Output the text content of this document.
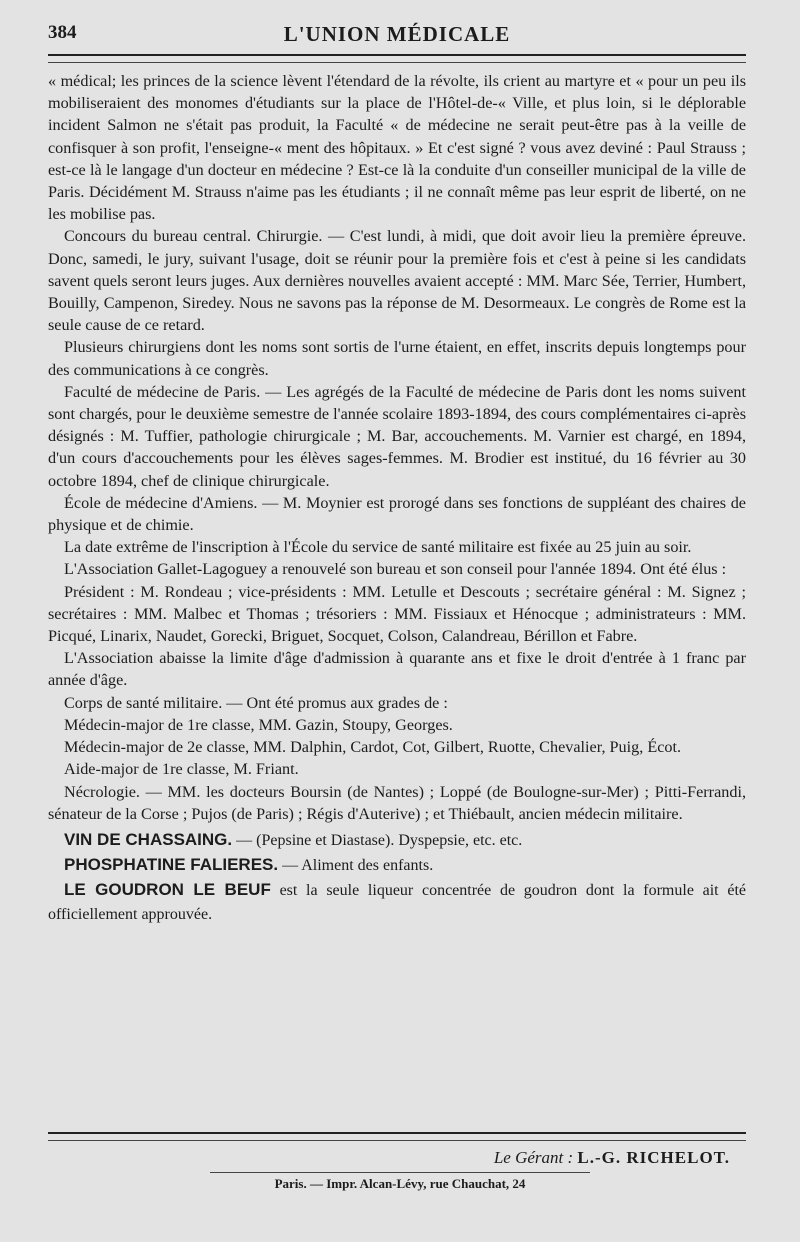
384	L'UNION MÉDICALE

« médical; les princes de la science lèvent l'étendard de la révolte, ils crient au martyre et « pour un peu ils mobiliseraient des monomes d'étudiants sur la place de l'Hôtel-de-« Ville, et plus loin, si le déplorable incident Salmon ne s'était pas produit, la Faculté « de médecine ne serait peut-être pas à la veille de confisquer à son profit, l'enseigne-« ment des hôpitaux. » Et c'est signé ? vous avez deviné : Paul Strauss ; est-ce là le langage d'un docteur en médecine ? Est-ce là la conduite d'un conseiller municipal de la ville de Paris. Décidément M. Strauss n'aime pas les étudiants ; il ne connaît même pas leur esprit de liberté, on ne les mobilise pas.

Concours du bureau central. Chirurgie. — C'est lundi, à midi, que doit avoir lieu la première épreuve. Donc, samedi, le jury, suivant l'usage, doit se réunir pour la première fois et c'est à peine si les candidats savent quels seront leurs juges. Aux dernières nouvelles avaient accepté : MM. Marc Sée, Terrier, Humbert, Bouilly, Campenon, Siredey. Nous ne savons pas la réponse de M. Desormeaux. Le congrès de Rome est la seule cause de ce retard.

Plusieurs chirurgiens dont les noms sont sortis de l'urne étaient, en effet, inscrits depuis longtemps pour des communications à ce congrès.

Faculté de médecine de Paris. — Les agrégés de la Faculté de médecine de Paris dont les noms suivent sont chargés, pour le deuxième semestre de l'année scolaire 1893-1894, des cours complémentaires ci-après désignés : M. Tuffier, pathologie chirurgicale ; M. Bar, accouchements. M. Varnier est chargé, en 1894, d'un cours d'accouchements pour les élèves sages-femmes. M. Brodier est institué, du 16 février au 30 octobre 1894, chef de clinique chirurgicale.

École de médecine d'Amiens. — M. Moynier est prorogé dans ses fonctions de suppléant des chaires de physique et de chimie.

La date extrême de l'inscription à l'École du service de santé militaire est fixée au 25 juin au soir.

L'Association Gallet-Lagoguey a renouvelé son bureau et son conseil pour l'année 1894. Ont été élus :

Président : M. Rondeau ; vice-présidents : MM. Letulle et Descouts ; secrétaire général : M. Signez ; secrétaires : MM. Malbec et Thomas ; trésoriers : MM. Fissiaux et Hénocque ; administrateurs : MM. Picqué, Linarix, Naudet, Gorecki, Briguet, Socquet, Colson, Calandreau, Bérillon et Fabre.

L'Association abaisse la limite d'âge d'admission à quarante ans et fixe le droit d'entrée à 1 franc par année d'âge.

Corps de santé militaire. — Ont été promus aux grades de :

Médecin-major de 1re classe, MM. Gazin, Stoupy, Georges.

Médecin-major de 2e classe, MM. Dalphin, Cardot, Cot, Gilbert, Ruotte, Chevalier, Puig, Écot.

Aide-major de 1re classe, M. Friant.

Nécrologie. — MM. les docteurs Boursin (de Nantes) ; Loppé (de Boulogne-sur-Mer) ; Pitti-Ferrandi, sénateur de la Corse ; Pujos (de Paris) ; Régis d'Auterive) ; et Thiébault, ancien médecin militaire.

VIN DE CHASSAING. — (Pepsine et Diastase). Dyspepsie, etc. etc.

PHOSPHATINE FALIERES. — Aliment des enfants.

LE GOUDRON LE BEUF est la seule liqueur concentrée de goudron dont la formule ait été officiellement approuvée.

Le Gérant : L.-G. RICHELOT.
Paris. — Impr. Alcan-Lévy, rue Chauchat, 24
